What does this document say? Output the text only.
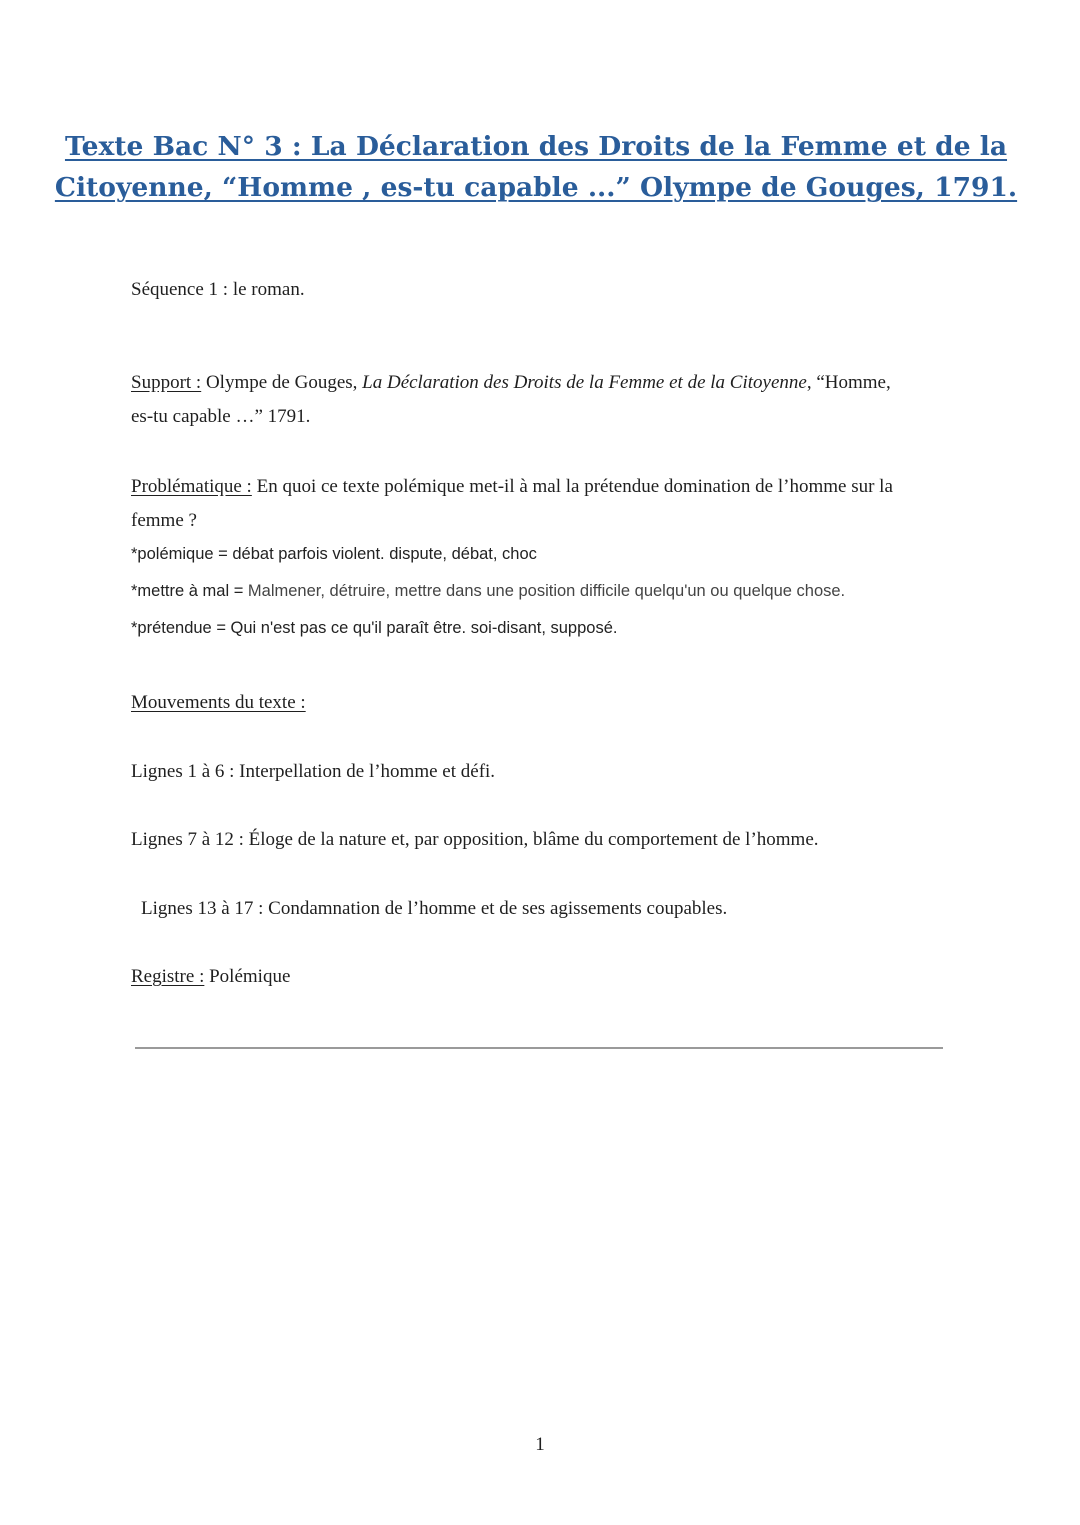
Texte Bac N° 3 : La Déclaration des Droits de la Femme et de la
Citoyenne, “Homme , es-tu capable ...” Olympe de Gouges, 1791.

Séquence 1 : le roman.

Support : Olympe de Gouges, La Déclaration des Droits de la Femme et de la Citoyenne, “Homme,

es-tu capable …” 1791.

Problématique : En quoi ce texte polémique met-il à mal la prétendue domination de l’homme sur la

femme ?

*polémique = débat parfois violent. dispute, débat, choc

*mettre à mal = Malmener, détruire, mettre dans une position difficile quelqu'un ou quelque chose.

*prétendue = Qui n'est pas ce qu'il paraît être. soi-disant, supposé.

Mouvements du texte :

Lignes 1 à 6 : Interpellation de l’homme et défi.

Lignes 7 à 12 : Éloge de la nature et, par opposition, blâme du comportement de l’homme.

Lignes 13 à 17 : Condamnation de l’homme et de ses agissements coupables.

Registre : Polémique

1
